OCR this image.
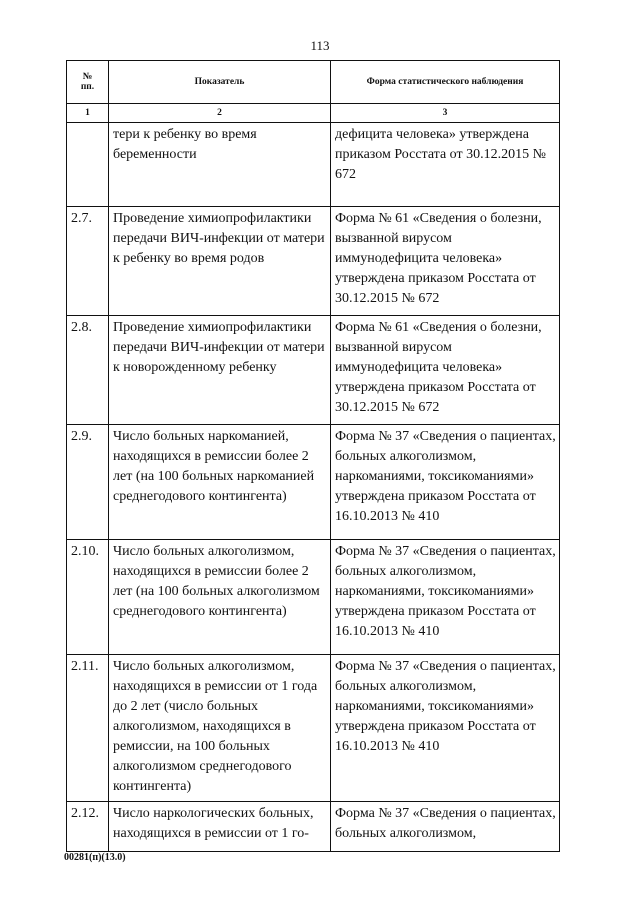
113
№
пп.	Показатель	Форма статистического наблюдения
1	2	3
	тери к ребенку во время беременности	дефицита человека» утверждена приказом Росстата от 30.12.2015 № 672
2.7.	Проведение химиопрофилактики передачи ВИЧ-инфекции от матери к ребенку во время родов	Форма № 61 «Сведения о болезни, вызванной вирусом иммунодефицита человека» утверждена приказом Росстата от 30.12.2015 № 672
2.8.	Проведение химиопрофилактики передачи ВИЧ-инфекции от матери к новорожденному ребенку	Форма № 61 «Сведения о болезни, вызванной вирусом иммунодефицита человека» утверждена приказом Росстата от 30.12.2015 № 672
2.9.	Число больных наркоманией, находящихся в ремиссии более 2 лет (на 100 больных наркоманией среднегодового контингента)	Форма № 37 «Сведения о пациентах, больных алкоголизмом, наркоманиями, токсикоманиями» утверждена приказом Росстата от 16.10.2013 № 410
2.10.	Число больных алкоголизмом, находящихся в ремиссии более 2 лет (на 100 больных алкоголизмом среднегодового контингента)	Форма № 37 «Сведения о пациентах, больных алкоголизмом, наркоманиями, токсикоманиями» утверждена приказом Росстата от 16.10.2013 № 410
2.11.	Число больных алкоголизмом, находящихся в ремиссии от 1 года до 2 лет (число больных алкоголизмом, находящихся в ремиссии, на 100 больных алкоголизмом среднегодового контингента)	Форма № 37 «Сведения о пациентах, больных алкоголизмом, наркоманиями, токсикоманиями» утверждена приказом Росстата от 16.10.2013 № 410
2.12.	Число наркологических больных, находящихся в ремиссии от 1 го-	Форма № 37 «Сведения о пациентах, больных алкоголизмом,
00281(п)(13.0)
